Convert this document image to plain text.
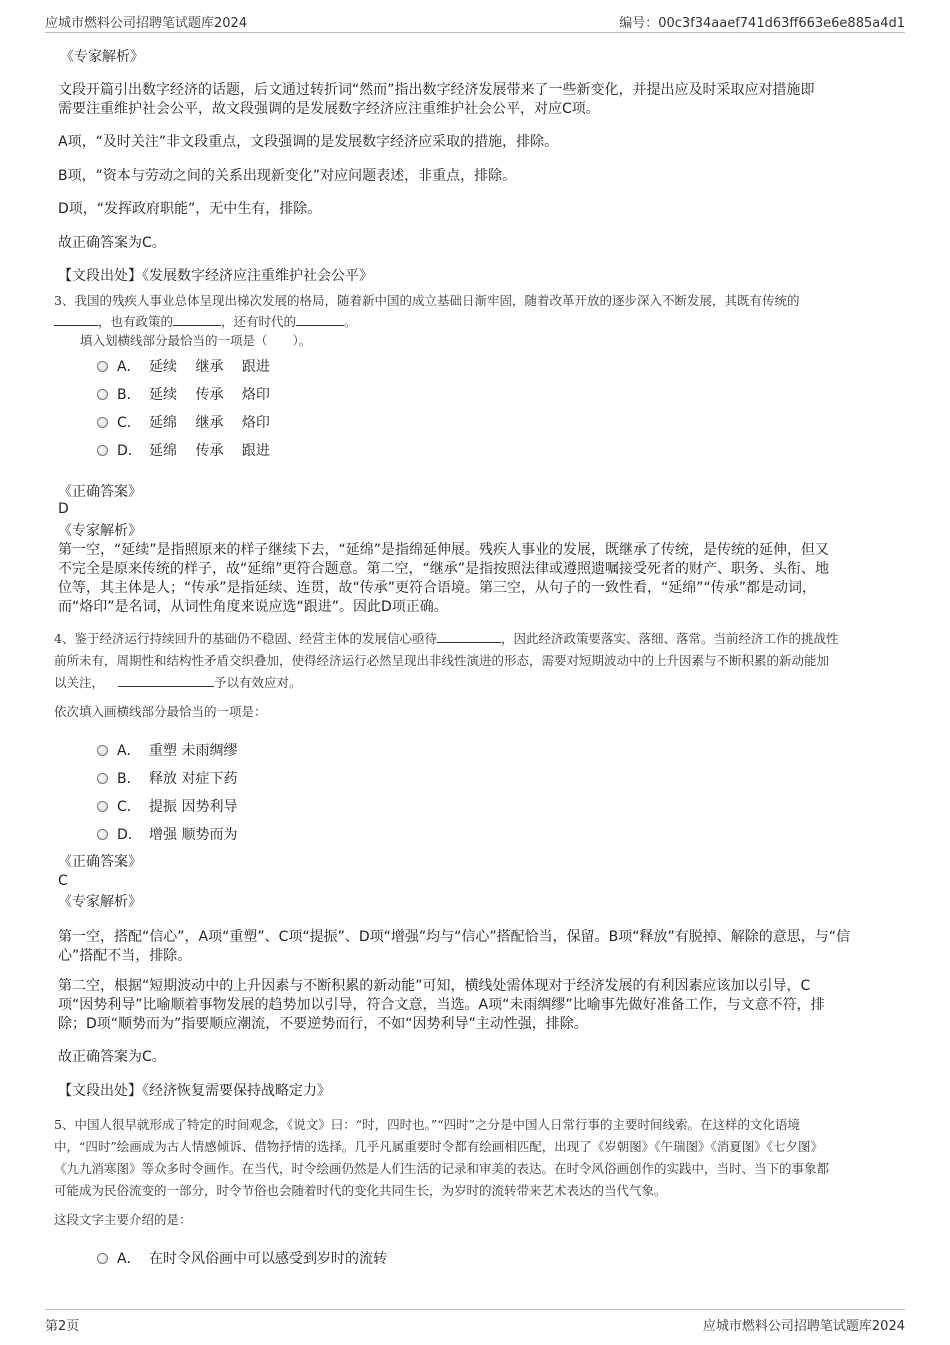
应城市燃料公司招聘笔试题库2024	编号：00c3f34aaef741d63ff663e6e885a4d1
《专家解析》

文段开篇引出数字经济的话题，后文通过转折词“然而”指出数字经济发展带来了一些新变化，并提出应及时采取应对措施即

需要注重维护社会公平，故文段强调的是发展数字经济应注重维护社会公平，对应C项。

A项，“及时关注”非文段重点，文段强调的是发展数字经济应采取的措施，排除。
B项，“资本与劳动之间的关系出现新变化”对应问题表述，非重点，排除。
D项，“发挥政府职能”，无中生有，排除。
故正确答案为C。
【文段出处】《发展数字经济应注重维护社会公平》

3、我国的残疾人事业总体呈现出梯次发展的格局，随着新中国的成立基础日渐牢固，随着改革开放的逐步深入不断发展，其既有传统的

，也有政策的	，还有时代的	。

填入划横线部分最恰当的一项是（　　）。
A． 延续　 继承　 跟进
B． 延续　 传承　 烙印
C． 延绵　 继承　 烙印
D． 延绵　 传承　 跟进
《正确答案》
D
《专家解析》

第一空，“延续”是指照原来的样子继续下去，“延绵”是指绵延伸展。残疾人事业的发展，既继承了传统，是传统的延伸，但又

不完全是原来传统的样子，故“延绵”更符合题意。第二空，“继承”是指按照法律或遵照遗嘱接受死者的财产、职务、头衔、地

位等，其主体是人；“传承”是指延续、连贯，故“传承”更符合语境。第三空，从句子的一致性看，“延绵”“传承”都是动词，

而“烙印”是名词，从词性角度来说应选“跟进”。因此D项正确。

4、鉴于经济运行持续回升的基础仍不稳固、经营主体的发展信心亟待	，因此经济政策要落实、落细、落常。当前经济工作的挑战性

前所未有，周期性和结构性矛盾交织叠加，使得经济运行必然呈现出非线性演进的形态，需要对短期波动中的上升因素与不断积累的新动能加

以关注，	予以有效应对。

依次填入画横线部分最恰当的一项是：
A． 重塑 未雨绸缪
B． 释放 对症下药
C． 提振 因势利导
D． 增强 顺势而为
《正确答案》
C
《专家解析》

第一空，搭配“信心”，A项“重塑”、C项“提振”、D项“增强”均与“信心”搭配恰当，保留。B项“释放”有脱掉、解除的意思，与“信

心”搭配不当，排除。

第二空，根据“短期波动中的上升因素与不断积累的新动能”可知，横线处需体现对于经济发展的有利因素应该加以引导，C

项“因势利导”比喻顺着事物发展的趋势加以引导，符合文意，当选。A项“未雨绸缪”比喻事先做好准备工作，与文意不符，排

除；D项“顺势而为”指要顺应潮流，不要逆势而行，不如“因势利导”主动性强，排除。

故正确答案为C。
【文段出处】《经济恢复需要保持战略定力》

5、中国人很早就形成了特定的时间观念，《说文》曰：“时，四时也。”“四时”之分是中国人日常行事的主要时间线索。在这样的文化语境

中，“四时”绘画成为古人情感倾诉、借物抒情的选择。几乎凡属重要时令都有绘画相匹配，出现了《岁朝图》《午瑞图》《消夏图》《七夕图》

《九九消寒图》等众多时令画作。在当代，时令绘画仍然是人们生活的记录和审美的表达。在时令风俗画创作的实践中，当时、当下的事象都

可能成为民俗流变的一部分，时令节俗也会随着时代的变化共同生长，为岁时的流转带来艺术表达的当代气象。

这段文字主要介绍的是：
A． 在时令风俗画中可以感受到岁时的流转
第2页	应城市燃料公司招聘笔试题库2024
